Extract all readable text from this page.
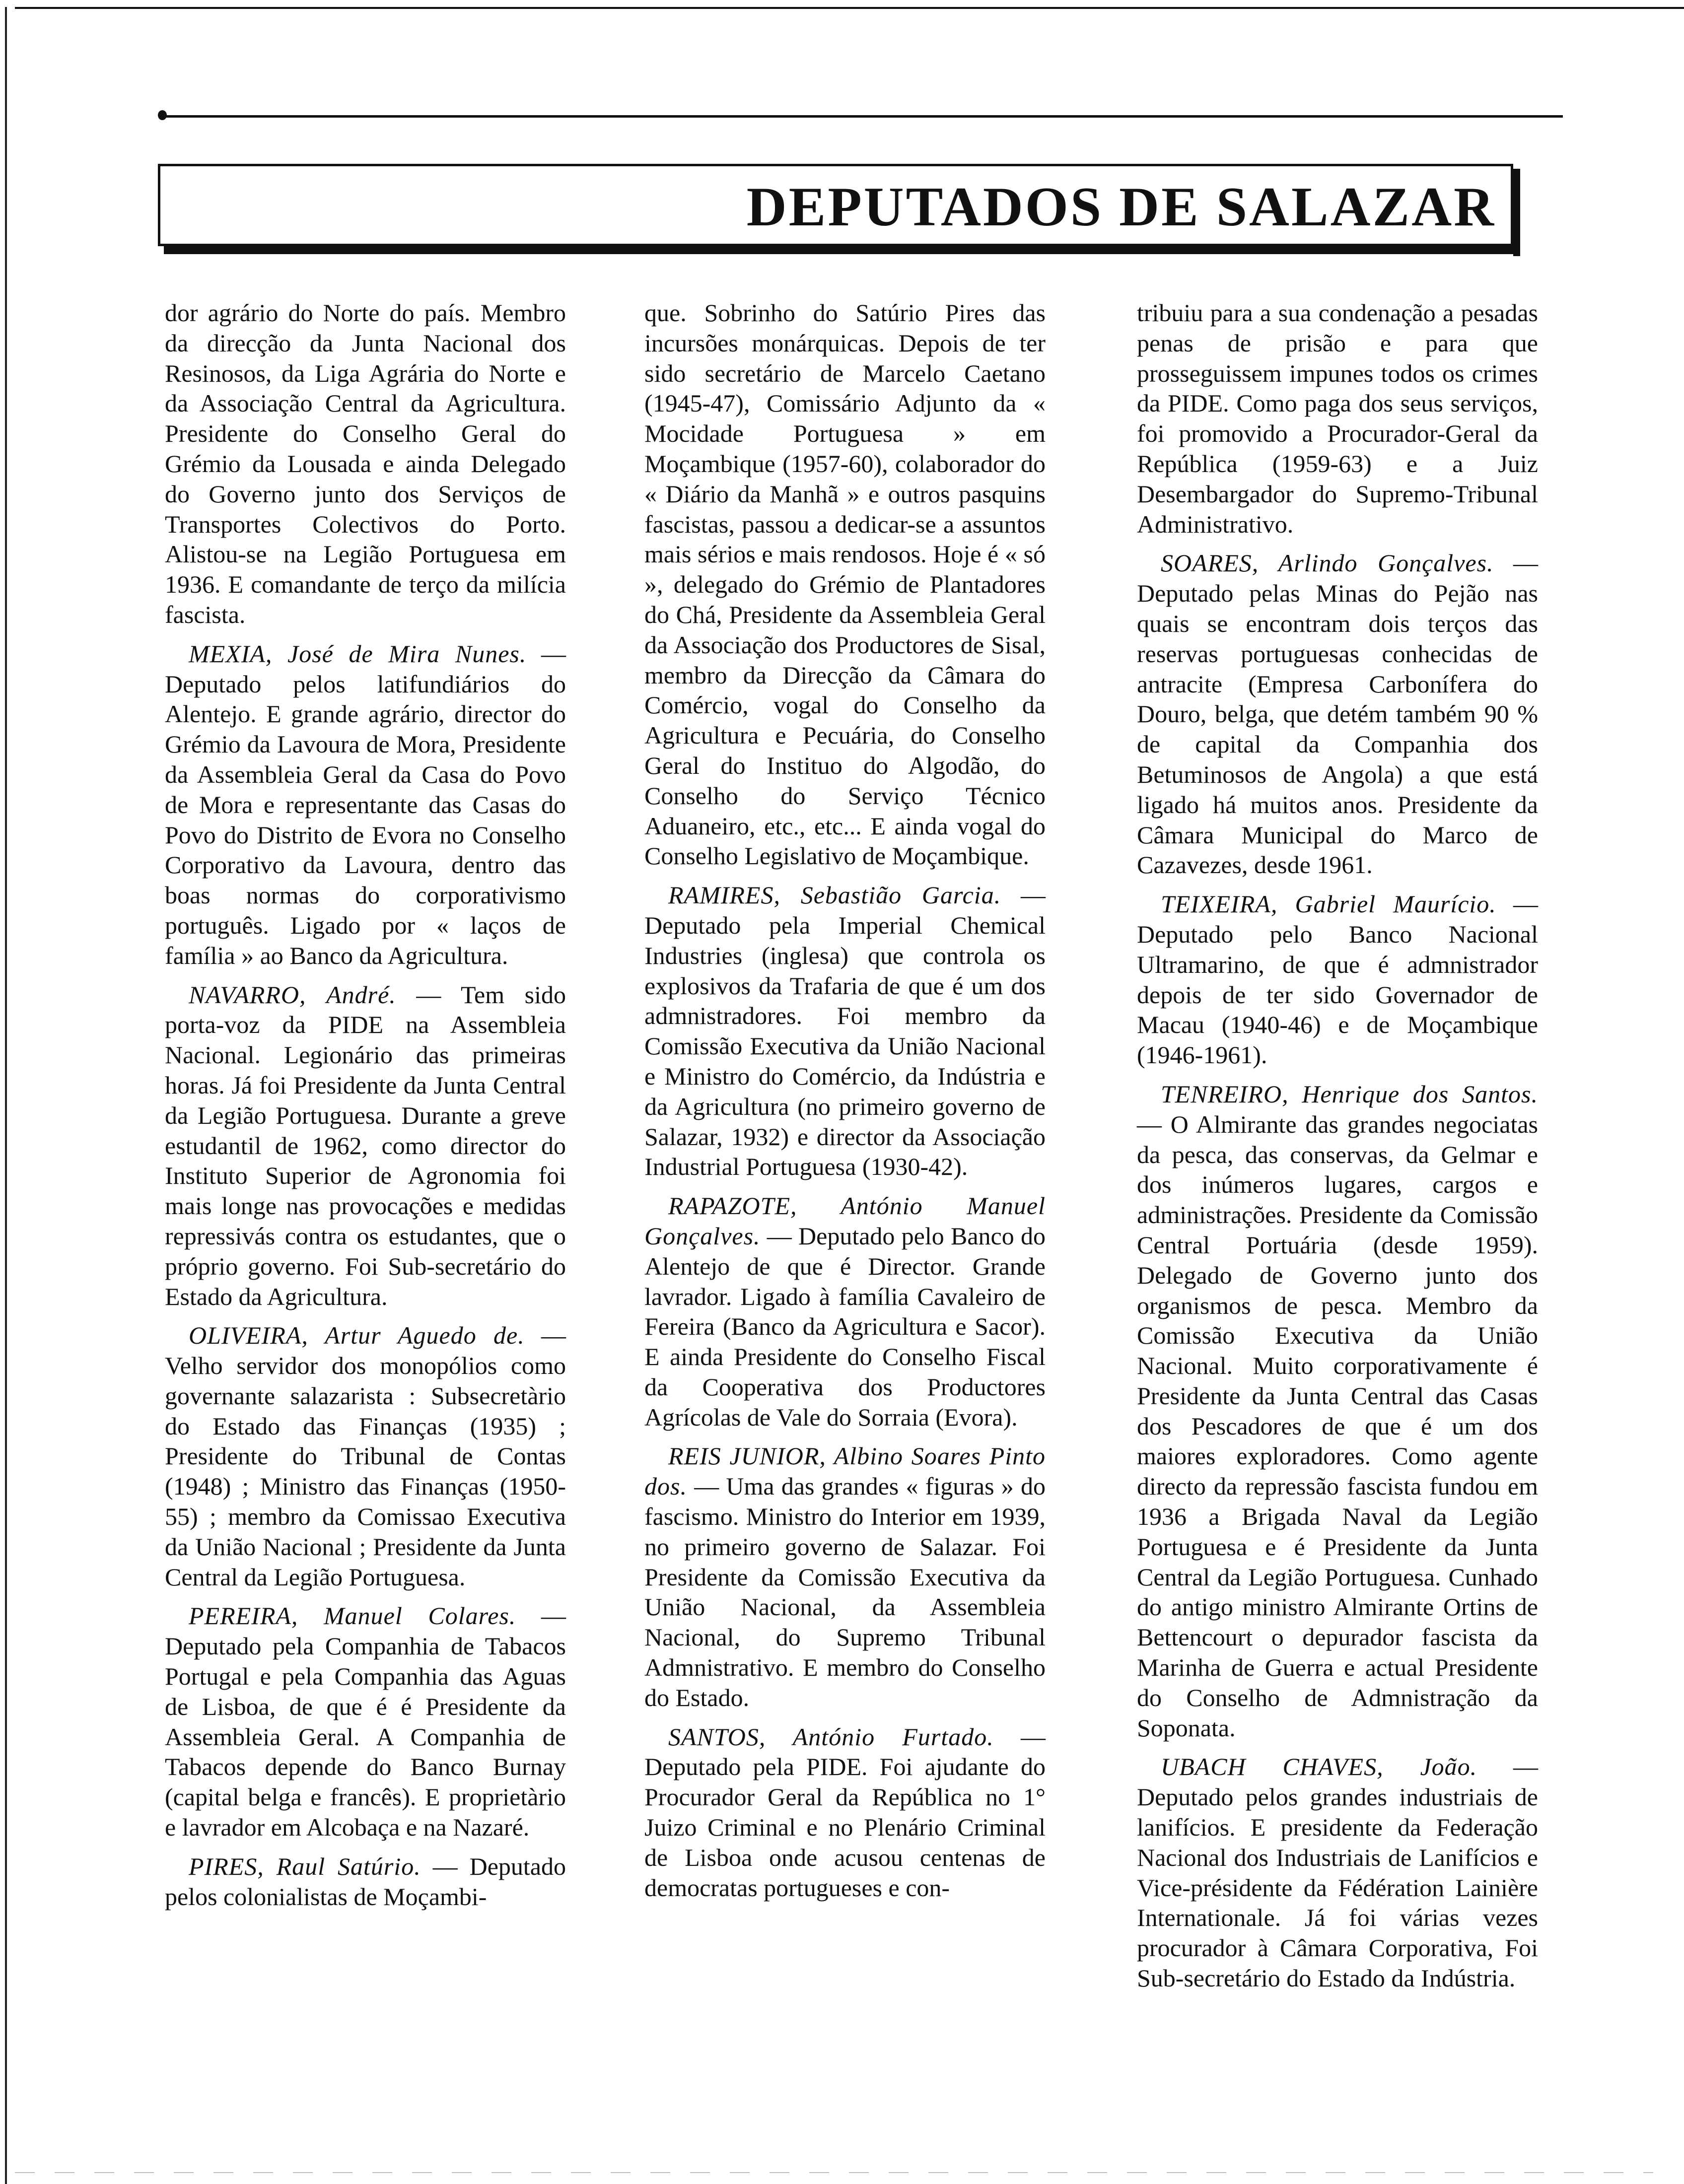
DEPUTADOS DE SALAZAR

dor agrário do Norte do país. Membro da direcção da Junta Nacional dos Resinosos, da Liga Agrária do Norte e da Associação Central da Agricultura. Presidente do Conselho Geral do Grémio da Lousada e ainda Delegado do Governo junto dos Serviços de Transportes Colectivos do Porto. Alistou-se na Legião Portuguesa em 1936. E comandante de terço da milícia fascista.

MEXIA, José de Mira Nunes. — Deputado pelos latifundiários do Alentejo. E grande agrário, director do Grémio da Lavoura de Mora, Presidente da Assembleia Geral da Casa do Povo de Mora e representante das Casas do Povo do Distrito de Evora no Conselho Corporativo da Lavoura, dentro das boas normas do corporativismo português. Ligado por « laços de família » ao Banco da Agricultura.

NAVARRO, André. — Tem sido porta-voz da PIDE na Assembleia Nacional. Legionário das primeiras horas. Já foi Presidente da Junta Central da Legião Portuguesa. Durante a greve estudantil de 1962, como director do Instituto Superior de Agronomia foi mais longe nas provocações e medidas repressivás contra os estudantes, que o próprio governo. Foi Sub-secretário do Estado da Agricultura.

OLIVEIRA, Artur Aguedo de. — Velho servidor dos monopólios como governante salazarista : Subsecretàrio do Estado das Finanças (1935) ; Presidente do Tribunal de Contas (1948) ; Ministro das Finanças (1950-55) ; membro da Comissao Executiva da União Nacional ; Presidente da Junta Central da Legião Portuguesa.

PEREIRA, Manuel Colares. — Deputado pela Companhia de Tabacos Portugal e pela Companhia das Aguas de Lisboa, de que é é Presidente da Assembleia Geral. A Companhia de Tabacos depende do Banco Burnay (capital belga e francês). E proprietàrio e lavrador em Alcobaça e na Nazaré.

PIRES, Raul Satúrio. — Deputado pelos colonialistas de Moçambi-

que. Sobrinho do Satúrio Pires das incursões monárquicas. Depois de ter sido secretário de Marcelo Caetano (1945-47), Comissário Adjunto da « Mocidade Portuguesa » em Moçambique (1957-60), colaborador do « Diário da Manhã » e outros pasquins fascistas, passou a dedicar-se a assuntos mais sérios e mais rendosos. Hoje é « só », delegado do Grémio de Plantadores do Chá, Presidente da Assembleia Geral da Associação dos Productores de Sisal, membro da Direcção da Câmara do Comércio, vogal do Conselho da Agricultura e Pecuária, do Conselho Geral do Instituo do Algodão, do Conselho do Serviço Técnico Aduaneiro, etc., etc... E ainda vogal do Conselho Legislativo de Moçambique.

RAMIRES, Sebastião Garcia. — Deputado pela Imperial Chemical Industries (inglesa) que controla os explosivos da Trafaria de que é um dos admnistradores. Foi membro da Comissão Executiva da União Nacional e Ministro do Comércio, da Indústria e da Agricultura (no primeiro governo de Salazar, 1932) e director da Associação Industrial Portuguesa (1930-42).

RAPAZOTE, António Manuel Gonçalves. — Deputado pelo Banco do Alentejo de que é Director. Grande lavrador. Ligado à família Cavaleiro de Fereira (Banco da Agricultura e Sacor). E ainda Presidente do Conselho Fiscal da Cooperativa dos Productores Agrícolas de Vale do Sorraia (Evora).

REIS JUNIOR, Albino Soares Pinto dos. — Uma das grandes « figuras » do fascismo. Ministro do Interior em 1939, no primeiro governo de Salazar. Foi Presidente da Comissão Executiva da União Nacional, da Assembleia Nacional, do Supremo Tribunal Admnistrativo. E membro do Conselho do Estado.

SANTOS, António Furtado. — Deputado pela PIDE. Foi ajudante do Procurador Geral da República no 1° Juizo Criminal e no Plenário Criminal de Lisboa onde acusou centenas de democratas portugueses e con-

tribuiu para a sua condenação a pesadas penas de prisão e para que prosseguissem impunes todos os crimes da PIDE. Como paga dos seus serviços, foi promovido a Procurador-Geral da República (1959-63) e a Juiz Desembargador do Supremo-Tribunal Administrativo.

SOARES, Arlindo Gonçalves. — Deputado pelas Minas do Pejão nas quais se encontram dois terços das reservas portuguesas conhecidas de antracite (Empresa Carbonífera do Douro, belga, que detém também 90 % de capital da Companhia dos Betuminosos de Angola) a que está ligado há muitos anos. Presidente da Câmara Municipal do Marco de Cazavezes, desde 1961.

TEIXEIRA, Gabriel Maurício. — Deputado pelo Banco Nacional Ultramarino, de que é admnistrador depois de ter sido Governador de Macau (1940-46) e de Moçambique (1946-1961).

TENREIRO, Henrique dos Santos. — O Almirante das grandes negociatas da pesca, das conservas, da Gelmar e dos inúmeros lugares, cargos e administrações. Presidente da Comissão Central Portuária (desde 1959). Delegado de Governo junto dos organismos de pesca. Membro da Comissão Executiva da União Nacional. Muito corporativamente é Presidente da Junta Central das Casas dos Pescadores de que é um dos maiores exploradores. Como agente directo da repressão fascista fundou em 1936 a Brigada Naval da Legião Portuguesa e é Presidente da Junta Central da Legião Portuguesa. Cunhado do antigo ministro Almirante Ortins de Bettencourt o depurador fascista da Marinha de Guerra e actual Presidente do Conselho de Admnistração da Soponata.

UBACH CHAVES, João. — Deputado pelos grandes industriais de lanifícios. E presidente da Federação Nacional dos Industriais de Lanifícios e Vice-présidente da Fédération Lainière Internationale. Já foi várias vezes procurador à Câmara Corporativa, Foi Sub-secretário do Estado da Indústria.
